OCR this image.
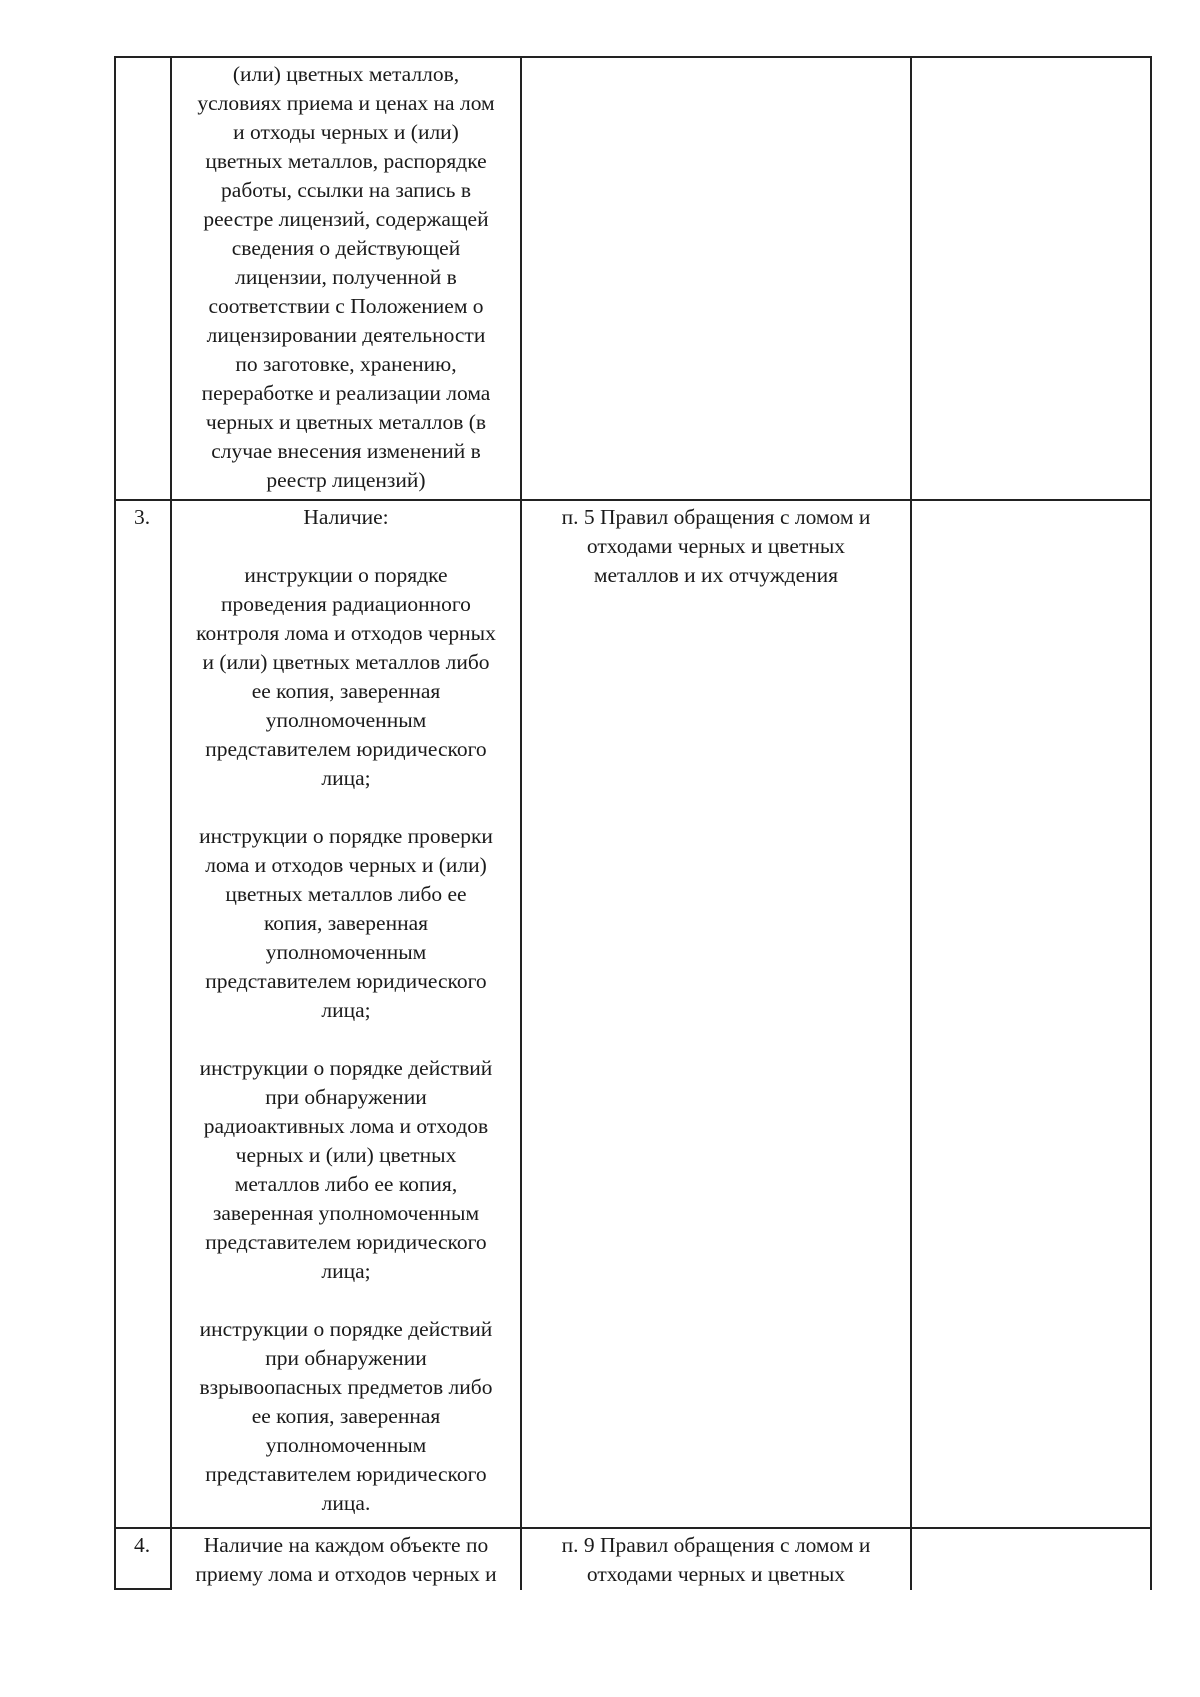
(или) цветных металлов,
условиях приема и ценах на лом
и отходы черных и (или)
цветных металлов, распорядке
работы, ссылки на запись в
реестре лицензий, содержащей
сведения о действующей
лицензии, полученной в
соответствии с Положением о
лицензировании деятельности
по заготовке, хранению,
переработке и реализации лома
черных и цветных металлов (в
случае внесения изменений в
реестр лицензий)
3.	Наличие:
инструкции о порядке
проведения радиационного
контроля лома и отходов черных
и (или) цветных металлов либо
ее копия, заверенная
уполномоченным
представителем юридического
лица;
инструкции о порядке проверки
лома и отходов черных и (или)
цветных металлов либо ее
копия, заверенная
уполномоченным
представителем юридического
лица;
инструкции о порядке действий
при обнаружении
радиоактивных лома и отходов
черных и (или) цветных
металлов либо ее копия,
заверенная уполномоченным
представителем юридического
лица;
инструкции о порядке действий
при обнаружении
взрывоопасных предметов либо
ее копия, заверенная
уполномоченным
представителем юридического
лица.
п. 5 Правил обращения с ломом и
отходами черных и цветных
металлов и их отчуждения
4.	Наличие на каждом объекте по
приему лома и отходов черных и
п. 9 Правил обращения с ломом и
отходами черных и цветных
